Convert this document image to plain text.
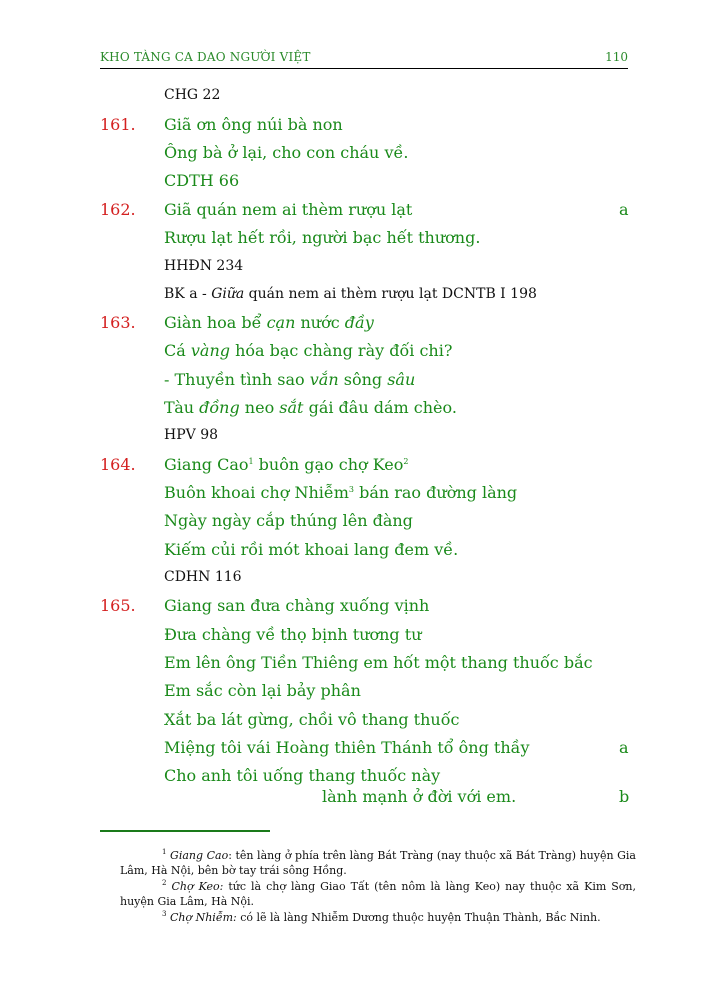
KHO TÀNG CA DAO NGƯỜI VIỆT	110
CHG 22
161. Giã ơn ông núi bà non
Ông bà ở lại, cho con cháu về.
CDTH 66
162. Giã quán nem ai thèm rượu lạt	a
Rượu lạt hết rồi, người bạc hết thương.
HHĐN 234
BK a - Giữa quán nem ai thèm rượu lạt DCNTB I 198
163. Giàn hoa bể cạn nước đầy
Cá vàng hóa bạc chàng rày đối chi?
- Thuyền tình sao vắn sông sâu
Tàu đồng neo sắt gái đâu dám chèo.
HPV 98
164. Giang Cao$^1$ buôn gạo chợ Keo$^2$
Buôn khoai chợ Nhiễm$^3$ bán rao đường làng
Ngày ngày cắp thúng lên đàng
Kiếm củi rồi mót khoai lang đem về.
CDHN 116
165. Giang san đưa chàng xuống vịnh
Đưa chàng về thọ bịnh tương tư
Em lên ông Tiền Thiêng em hốt một thang thuốc bắc
Em sắc còn lại bảy phân
Xắt ba lát gừng, chồi vô thang thuốc
Miệng tôi vái Hoàng thiên Thánh tổ ông thầy	a
Cho anh tôi uống thang thuốc này
lành mạnh ở đời với em.	b
$^1$ Giang Cao: tên làng ở phía trên làng Bát Tràng (nay thuộc xã Bát Tràng) huyện Gia Lâm, Hà Nội, bên bờ tay trái sông Hồng.
$^2$ Chợ Keo: tức là chợ làng Giao Tất (tên nôm là làng Keo) nay thuộc xã Kim Sơn, huyện Gia Lâm, Hà Nội.
$^3$ Chợ Nhiễm: có lẽ là làng Nhiễm Dương thuộc huyện Thuận Thành, Bắc Ninh.
